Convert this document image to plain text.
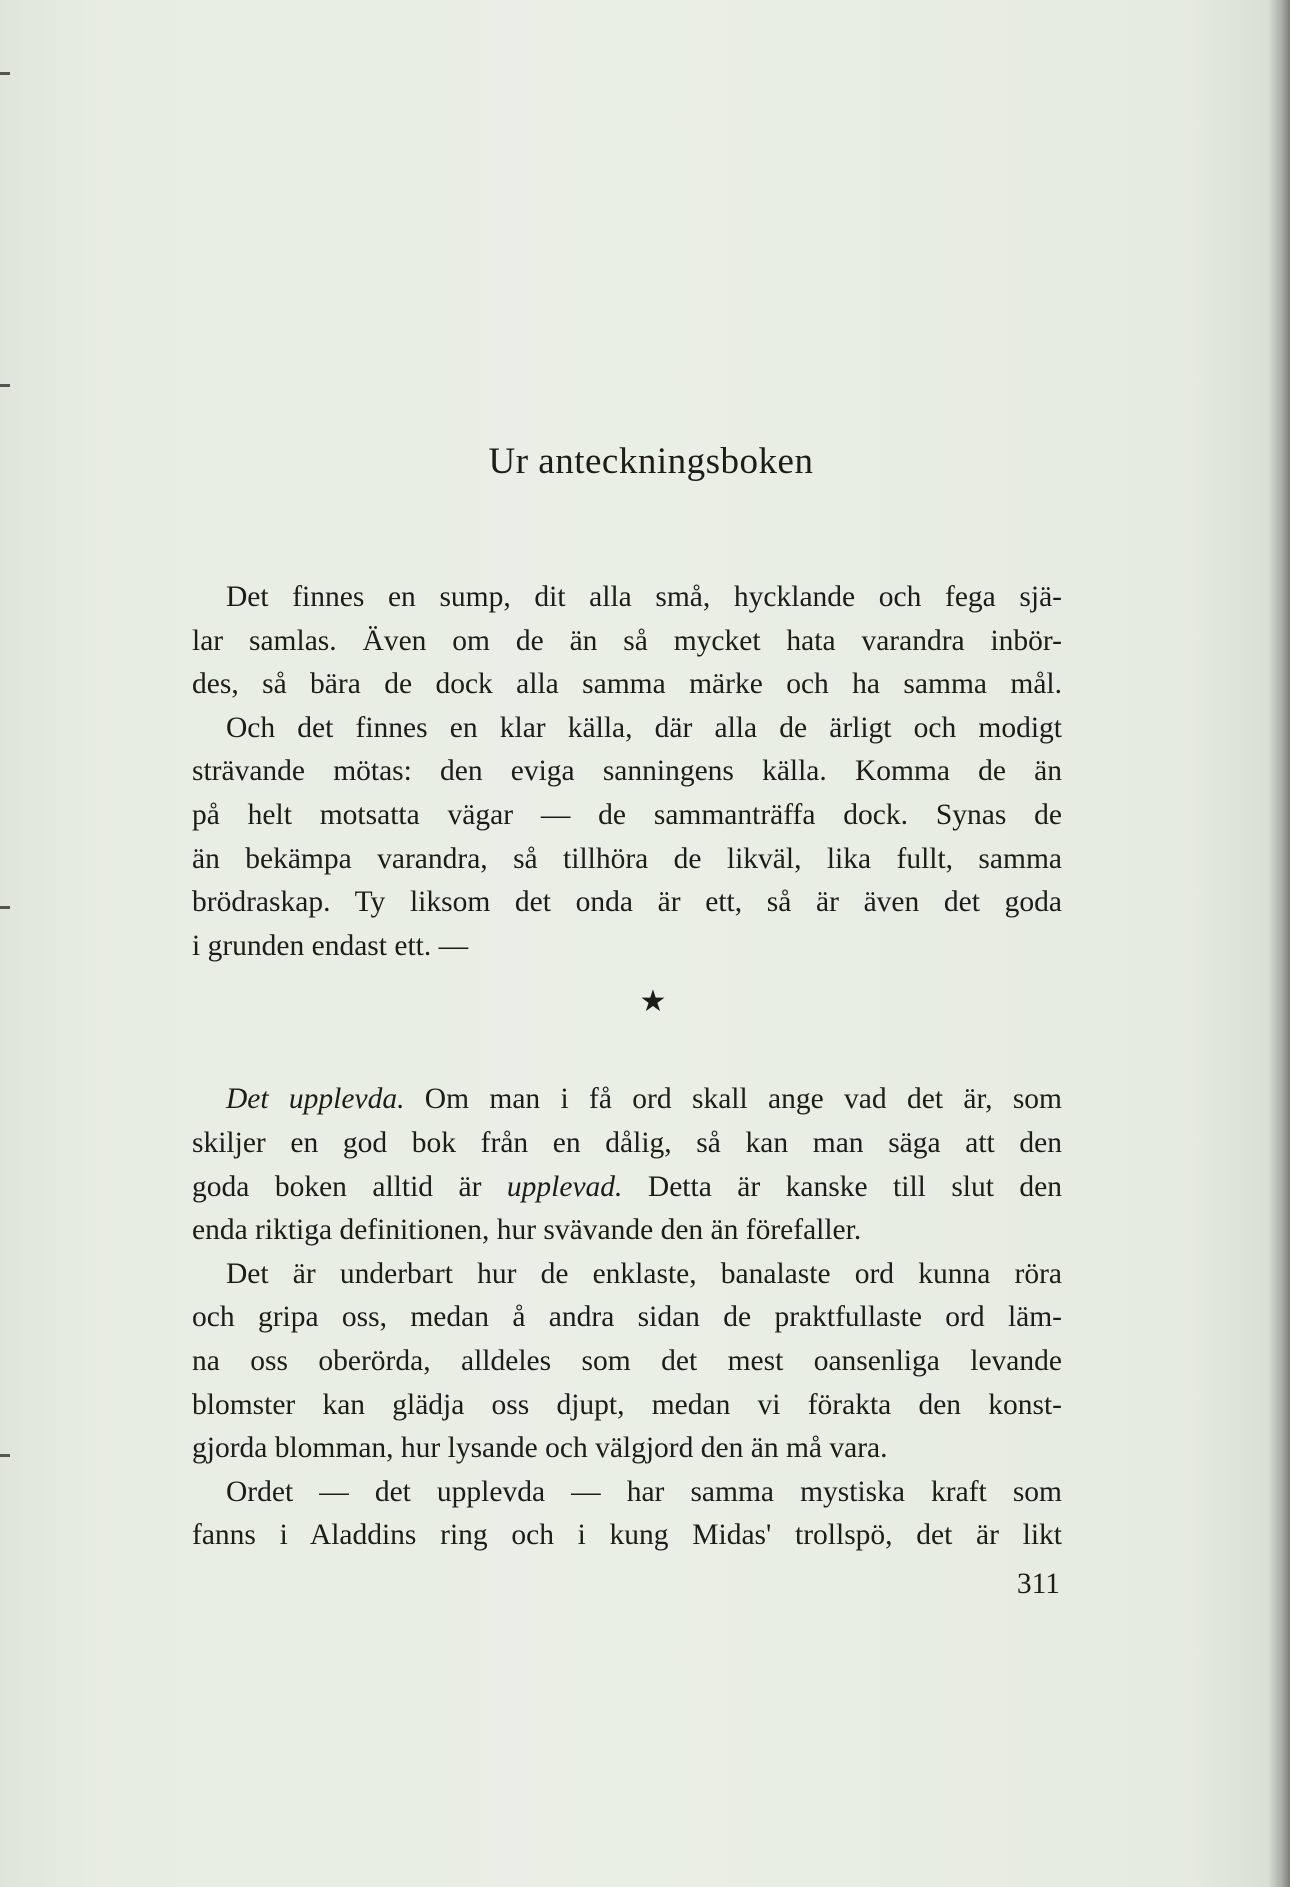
Ur anteckningsboken
Det finnes en sump, dit alla små, hycklande och fega sjä-
lar samlas. Även om de än så mycket hata varandra inbör-
des, så bära de dock alla samma märke och ha samma mål.
Och det finnes en klar källa, där alla de ärligt och modigt
strävande mötas: den eviga sanningens källa. Komma de än
på helt motsatta vägar — de sammanträffa dock. Synas de
än bekämpa varandra, så tillhöra de likväl, lika fullt, samma
brödraskap. Ty liksom det onda är ett, så är även det goda
i grunden endast ett. —
★
Det upplevda. Om man i få ord skall ange vad det är, som
skiljer en god bok från en dålig, så kan man säga att den
goda boken alltid är upplevad. Detta är kanske till slut den
enda riktiga definitionen, hur svävande den än förefaller.
Det är underbart hur de enklaste, banalaste ord kunna röra
och gripa oss, medan å andra sidan de praktfullaste ord läm-
na oss oberörda, alldeles som det mest oansenliga levande
blomster kan glädja oss djupt, medan vi förakta den konst-
gjorda blomman, hur lysande och välgjord den än må vara.
Ordet — det upplevda — har samma mystiska kraft som
fanns i Aladdins ring och i kung Midas' trollspö, det är likt
311
